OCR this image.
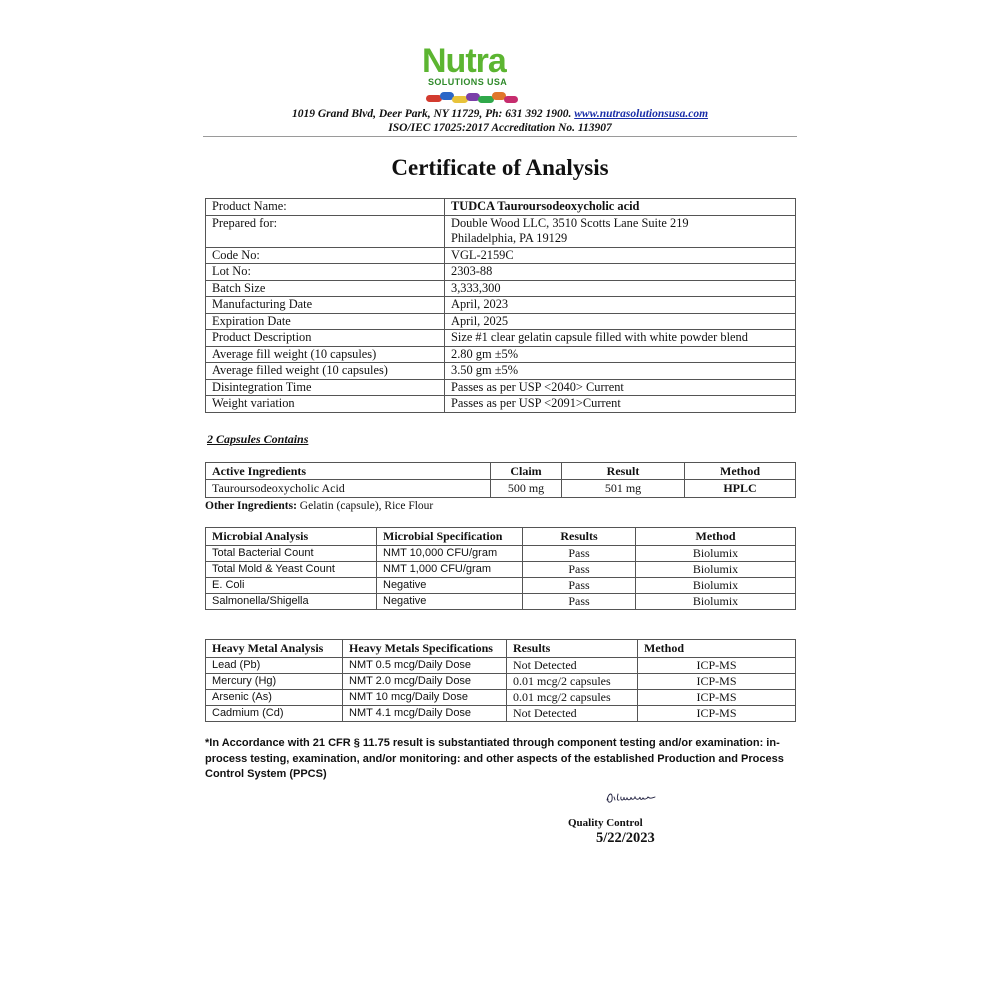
Nutra
SOLUTIONS USA
1019 Grand Blvd, Deer Park, NY 11729, Ph: 631 392 1900. www.nutrasolutionsusa.com
ISO/IEC 17025:2017 Accreditation No. 113907
Certificate of Analysis
Product Name:	TUDCA Tauroursodeoxycholic acid
Prepared for:	Double Wood LLC, 3510 Scotts Lane Suite 219
Philadelphia, PA 19129

Code No:	VGL-2159C
Lot No:	2303-88
Batch Size	3,333,300
Manufacturing Date	April, 2023
Expiration Date	April, 2025
Product Description	Size #1 clear gelatin capsule filled with white powder blend
Average fill weight (10 capsules)	2.80 gm ±5%
Average filled weight (10 capsules)	3.50 gm ±5%
Disintegration Time	Passes as per USP <2040> Current
Weight variation	Passes as per USP <2091>Current
2 Capsules Contains
Active Ingredients	Claim	Result	Method
Tauroursodeoxycholic Acid	500 mg	501 mg	HPLC
Other Ingredients: Gelatin (capsule), Rice Flour
Microbial Analysis	Microbial Specification	Results	Method
Total Bacterial Count	NMT 10,000 CFU/gram	Pass	Biolumix
Total Mold & Yeast Count	NMT 1,000 CFU/gram	Pass	Biolumix
E. Coli	Negative	Pass	Biolumix
Salmonella/Shigella	Negative	Pass	Biolumix
Heavy Metal Analysis	Heavy Metals Specifications	Results	Method
Lead (Pb)	NMT 0.5 mcg/Daily Dose	Not Detected	ICP-MS
Mercury (Hg)	NMT 2.0 mcg/Daily Dose	0.01 mcg/2 capsules	ICP-MS
Arsenic (As)	NMT 10 mcg/Daily Dose	0.01 mcg/2 capsules	ICP-MS
Cadmium (Cd)	NMT 4.1 mcg/Daily Dose	Not Detected	ICP-MS
*In Accordance with 21 CFR § 11.75 result is substantiated through component testing and/or examination: in-process testing, examination, and/or monitoring: and other aspects of the established Production and Process Control System (PPCS)
Quality Control
5/22/2023
